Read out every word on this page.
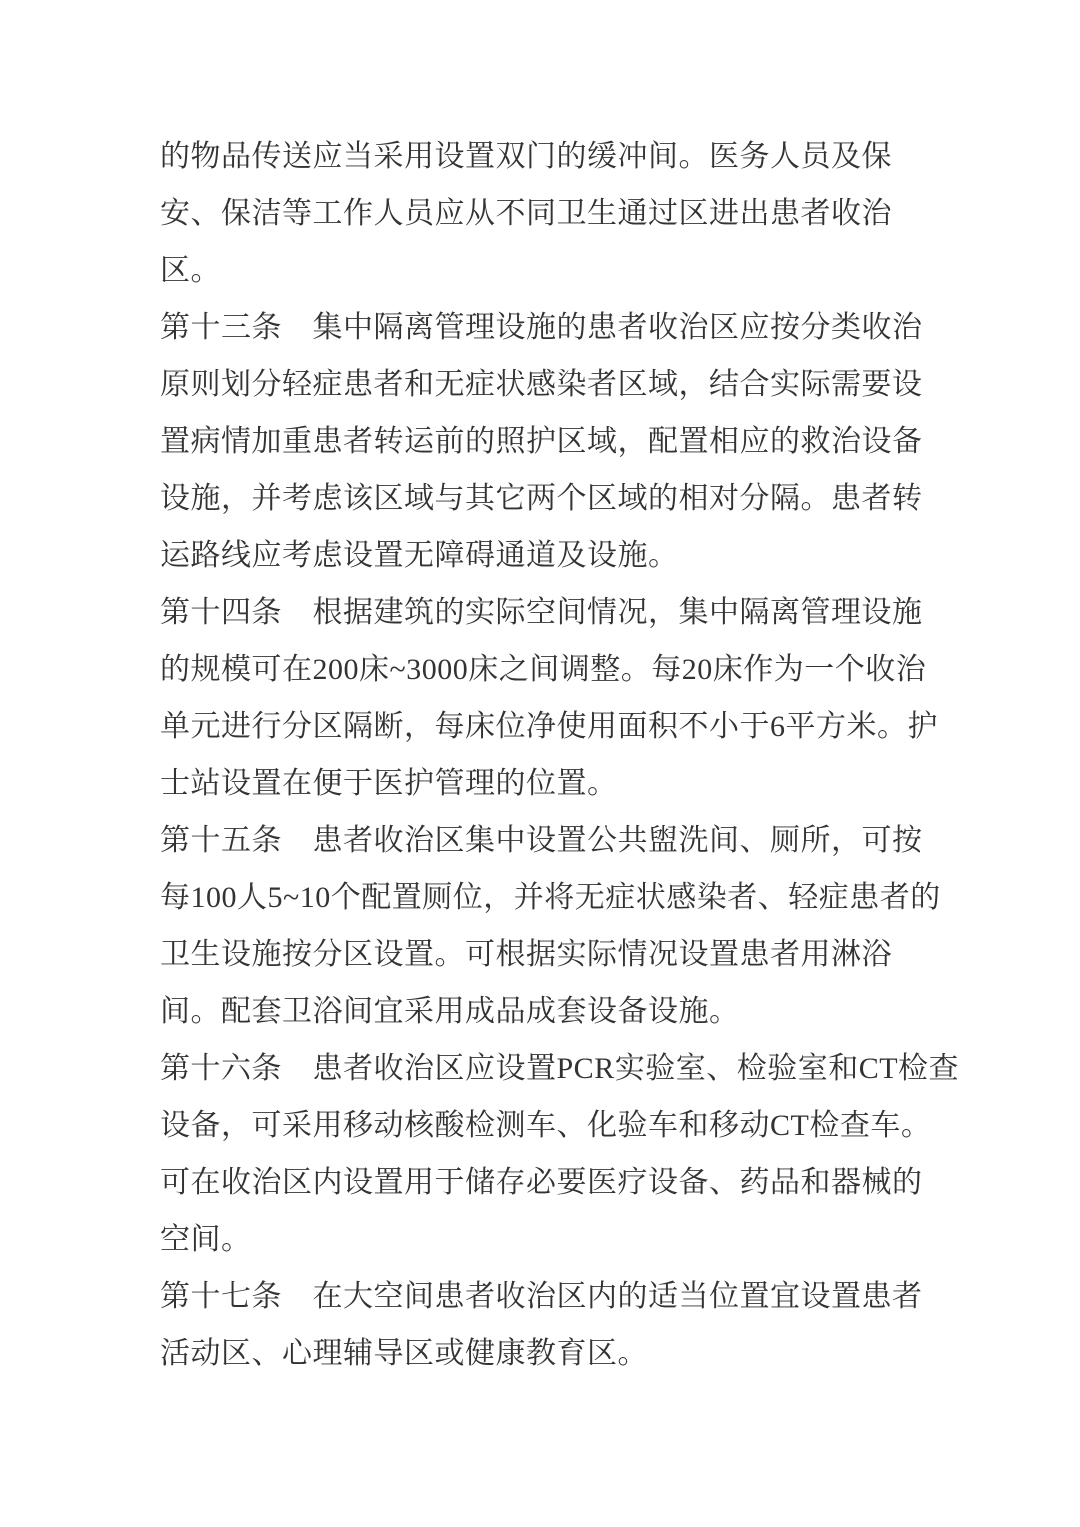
的物品传送应当采用设置双门的缓冲间。医务人员及保
安、保洁等工作人员应从不同卫生通过区进出患者收治
区。
第十三条　集中隔离管理设施的患者收治区应按分类收治
原则划分轻症患者和无症状感染者区域，结合实际需要设
置病情加重患者转运前的照护区域，配置相应的救治设备
设施，并考虑该区域与其它两个区域的相对分隔。患者转
运路线应考虑设置无障碍通道及设施。
第十四条　根据建筑的实际空间情况，集中隔离管理设施
的规模可在200床~3000床之间调整。每20床作为一个收治
单元进行分区隔断，每床位净使用面积不小于6平方米。护
士站设置在便于医护管理的位置。
第十五条　患者收治区集中设置公共盥洗间、厕所，可按
每100人5~10个配置厕位，并将无症状感染者、轻症患者的
卫生设施按分区设置。可根据实际情况设置患者用淋浴
间。配套卫浴间宜采用成品成套设备设施。
第十六条　患者收治区应设置PCR实验室、检验室和CT检查
设备，可采用移动核酸检测车、化验车和移动CT检查车。
可在收治区内设置用于储存必要医疗设备、药品和器械的
空间。
第十七条　在大空间患者收治区内的适当位置宜设置患者
活动区、心理辅导区或健康教育区。
